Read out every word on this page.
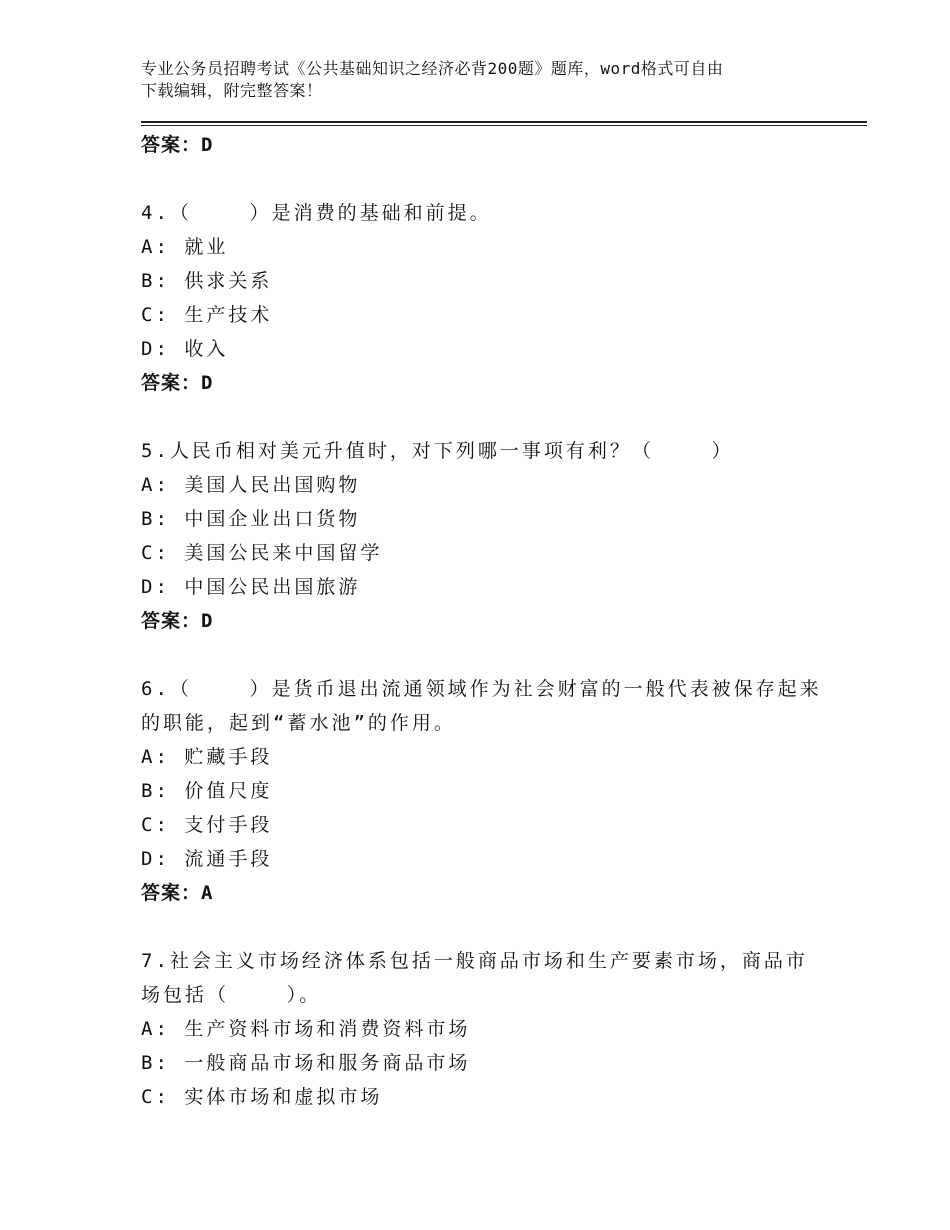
专业公务员招聘考试《公共基础知识之经济必背200题》题库，word格式可自由
下载编辑，附完整答案！
答案：D
4.（    ）是消费的基础和前提。
A: 就业
B: 供求关系
C: 生产技术
D: 收入
答案：D
5.人民币相对美元升值时，对下列哪一事项有利？（    ）
A: 美国人民出国购物
B: 中国企业出口货物
C: 美国公民来中国留学
D: 中国公民出国旅游
答案：D
6.（    ）是货币退出流通领域作为社会财富的一般代表被保存起来
的职能，起到“蓄水池”的作用。
A: 贮藏手段
B: 价值尺度
C: 支付手段
D: 流通手段
答案：A
7.社会主义市场经济体系包括一般商品市场和生产要素市场，商品市
场包括（    ）。
A: 生产资料市场和消费资料市场
B: 一般商品市场和服务商品市场
C: 实体市场和虚拟市场
